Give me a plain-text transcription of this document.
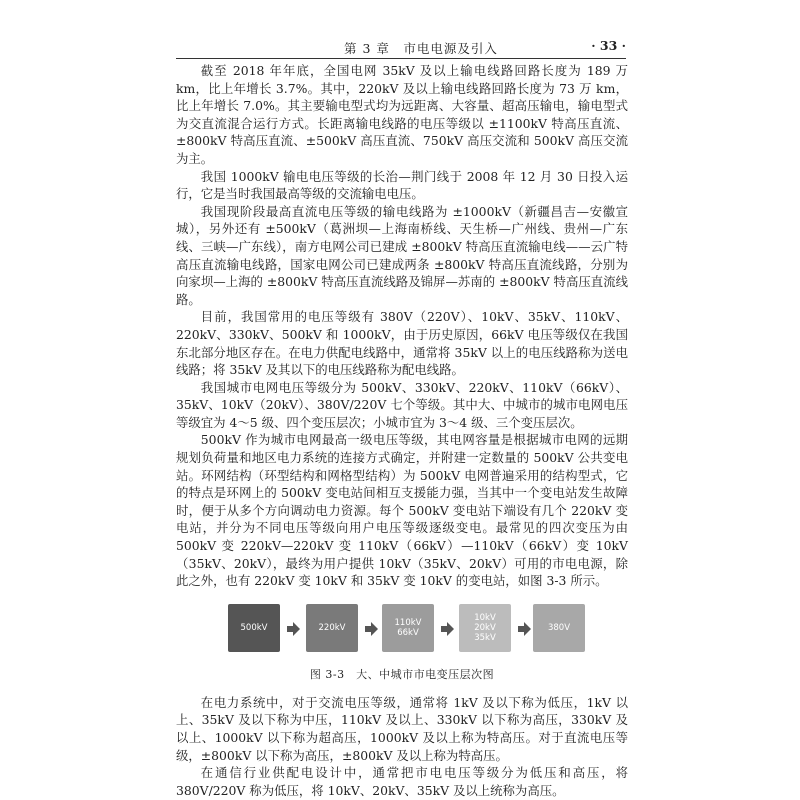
第 3 章　市电电源及引入	· 33 ·

截至 2018 年年底，全国电网 35kV 及以上输电线路回路长度为 189 万 km，比上年增长 3.7%。其中，220kV 及以上输电线路回路长度为 73 万 km，比上年增长 7.0%。其主要输电型式均为远距离、大容量、超高压输电，输电型式为交直流混合运行方式。长距离输电线路的电压等级以 ±1100kV 特高压直流、±800kV 特高压直流、±500kV 高压直流、750kV 高压交流和 500kV 高压交流为主。

我国 1000kV 输电电压等级的长治—荆门线于 2008 年 12 月 30 日投入运行，它是当时我国最高等级的交流输电电压。

我国现阶段最高直流电压等级的输电线路为 ±1000kV（新疆昌吉—安徽宣城），另外还有 ±500kV（葛洲坝—上海南桥线、天生桥—广州线、贵州—广东线、三峡—广东线），南方电网公司已建成 ±800kV 特高压直流输电线——云广特高压直流输电线路，国家电网公司已建成两条 ±800kV 特高压直流线路，分别为向家坝—上海的 ±800kV 特高压直流线路及锦屏—苏南的 ±800kV 特高压直流线路。

目前，我国常用的电压等级有 380V（220V）、10kV、35kV、110kV、220kV、330kV、500kV 和 1000kV，由于历史原因，66kV 电压等级仅在我国东北部分地区存在。在电力供配电线路中，通常将 35kV 以上的电压线路称为送电线路；将 35kV 及其以下的电压线路称为配电线路。

我国城市电网电压等级分为 500kV、330kV、220kV、110kV（66kV）、35kV、10kV（20kV）、380V/220V 七个等级。其中大、中城市的城市电网电压等级宜为 4～5 级、四个变压层次；小城市宜为 3～4 级、三个变压层次。

500kV 作为城市电网最高一级电压等级，其电网容量是根据城市电网的远期规划负荷量和地区电力系统的连接方式确定，并附建一定数量的 500kV 公共变电站。环网结构（环型结构和网格型结构）为 500kV 电网普遍采用的结构型式，它的特点是环网上的 500kV 变电站间相互支援能力强，当其中一个变电站发生故障时，便于从多个方向调动电力资源。每个 500kV 变电站下端设有几个 220kV 变电站，并分为不同电压等级向用户电压等级逐级变电。最常见的四次变压为由 500kV 变 220kV—220kV 变 110kV（66kV）—110kV（66kV）变 10kV（35kV、20kV），最终为用户提供 10kV（35kV、20kV）可用的市电电源，除此之外，也有 220kV 变 10kV 和 35kV 变 10kV 的变电站，如图 3-3 所示。

500kV	220kV	110kV
66kV
10kV
20kV
35kV
380V
图 3-3　大、中城市市电变压层次图

在电力系统中，对于交流电压等级，通常将 1kV 及以下称为低压，1kV 以上、35kV 及以下称为中压，110kV 及以上、330kV 以下称为高压，330kV 及以上、1000kV 以下称为超高压，1000kV 及以上称为特高压。对于直流电压等级，±800kV 以下称为高压，±800kV 及以上称为特高压。

在通信行业供配电设计中，通常把市电电压等级分为低压和高压，将 380V/220V 称为低压，将 10kV、20kV、35kV 及以上统称为高压。
